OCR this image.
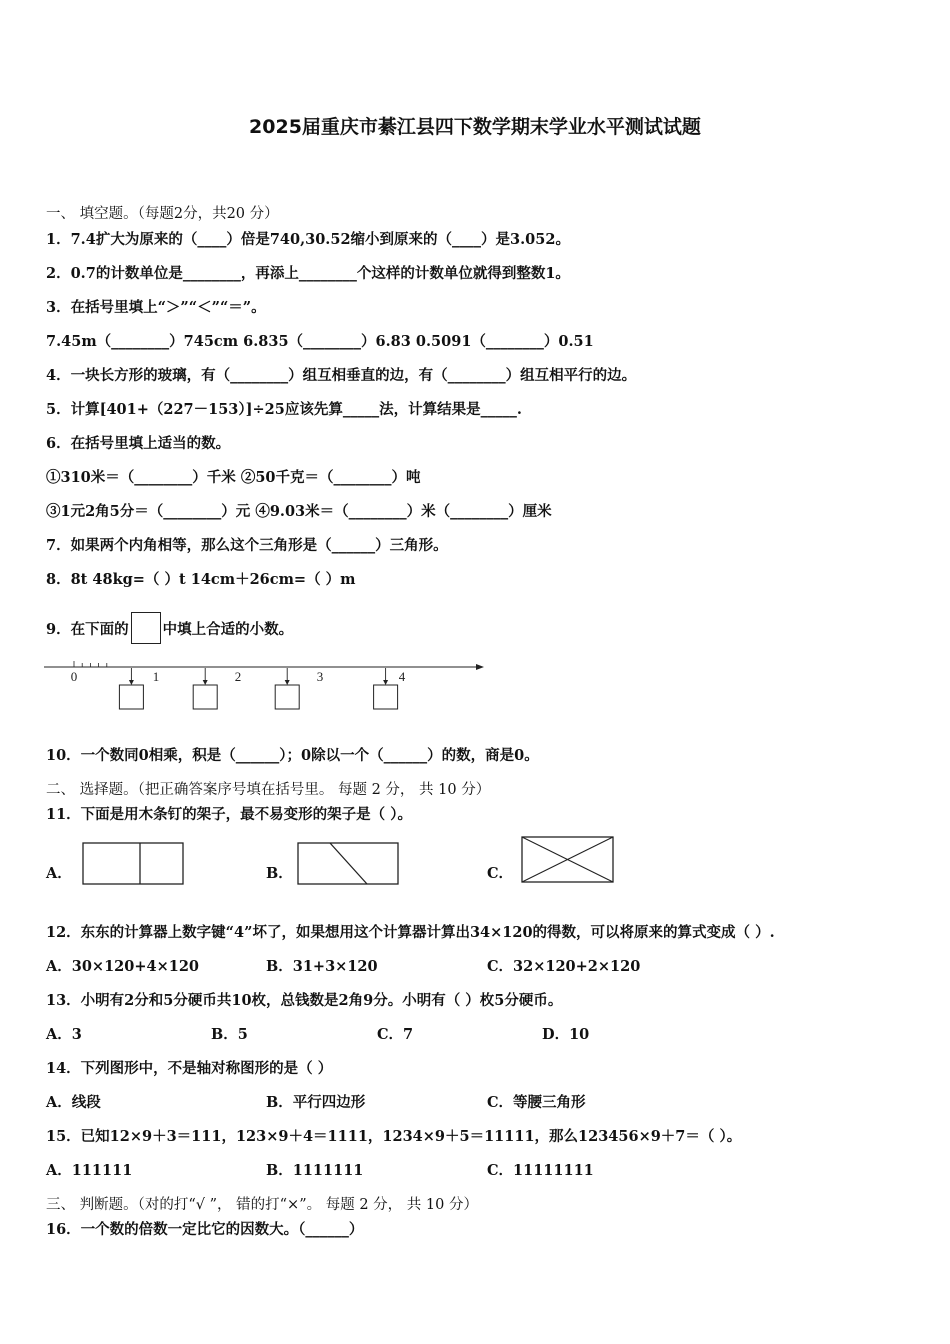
2025届重庆市綦江县四下数学期末学业水平测试试题
一、 填空题。（每题2分，共20 分）
1．7.4扩大为原来的（____）倍是740,30.52缩小到原来的（____）是3.052。
2．0.7的计数单位是________，再添上________个这样的计数单位就得到整数1。
3．在括号里填上“＞”“＜”“＝”。
7.45m（________）745cm 6.835（________）6.83 0.5091（________）0.51
4．一块长方形的玻璃，有（________）组互相垂直的边，有（________）组互相平行的边。
5．计算[401+（227－153）]÷25应该先算_____法，计算结果是_____.
6．在括号里填上适当的数。
①310米＝（________）千米 ②50千克＝（________）吨
③1元2角5分＝（________）元 ④9.03米＝（________）米（________）厘米
7．如果两个内角相等，那么这个三角形是（______）三角形。
8．8t 48kg=（ ）t 14cm＋26cm=（ ）m
9．在下面的 中填上合适的小数。
0	1	2	3	4
10．一个数同0相乘，积是（______）；0除以一个（______）的数，商是0。
二、 选择题。（把正确答案序号填在括号里。 每题 2 分， 共 10 分）
11．下面是用木条钉的架子，最不易变形的架子是（ ）。
A．	B．	C．
12．东东的计算器上数字键“4”坏了，如果想用这个计算器计算出34×120的得数，可以将原来的算式变成（ ）.
A．30×120+4×120	B．31+3×120	C．32×120+2×120
13．小明有2分和5分硬币共10枚，总钱数是2角9分。小明有（ ）枚5分硬币。
A．3	B．5	C．7	D．10
14．下列图形中，不是轴对称图形的是（ ）
A．线段	B．平行四边形	C．等腰三角形
15．已知12×9＋3＝111，123×9＋4＝1111，1234×9＋5＝11111，那么123456×9＋7＝（ ）。
A．111111	B．1111111	C．11111111
三、 判断题。（对的打“√ ”， 错的打“×”。 每题 2 分， 共 10 分）
16．一个数的倍数一定比它的因数大。（______）
